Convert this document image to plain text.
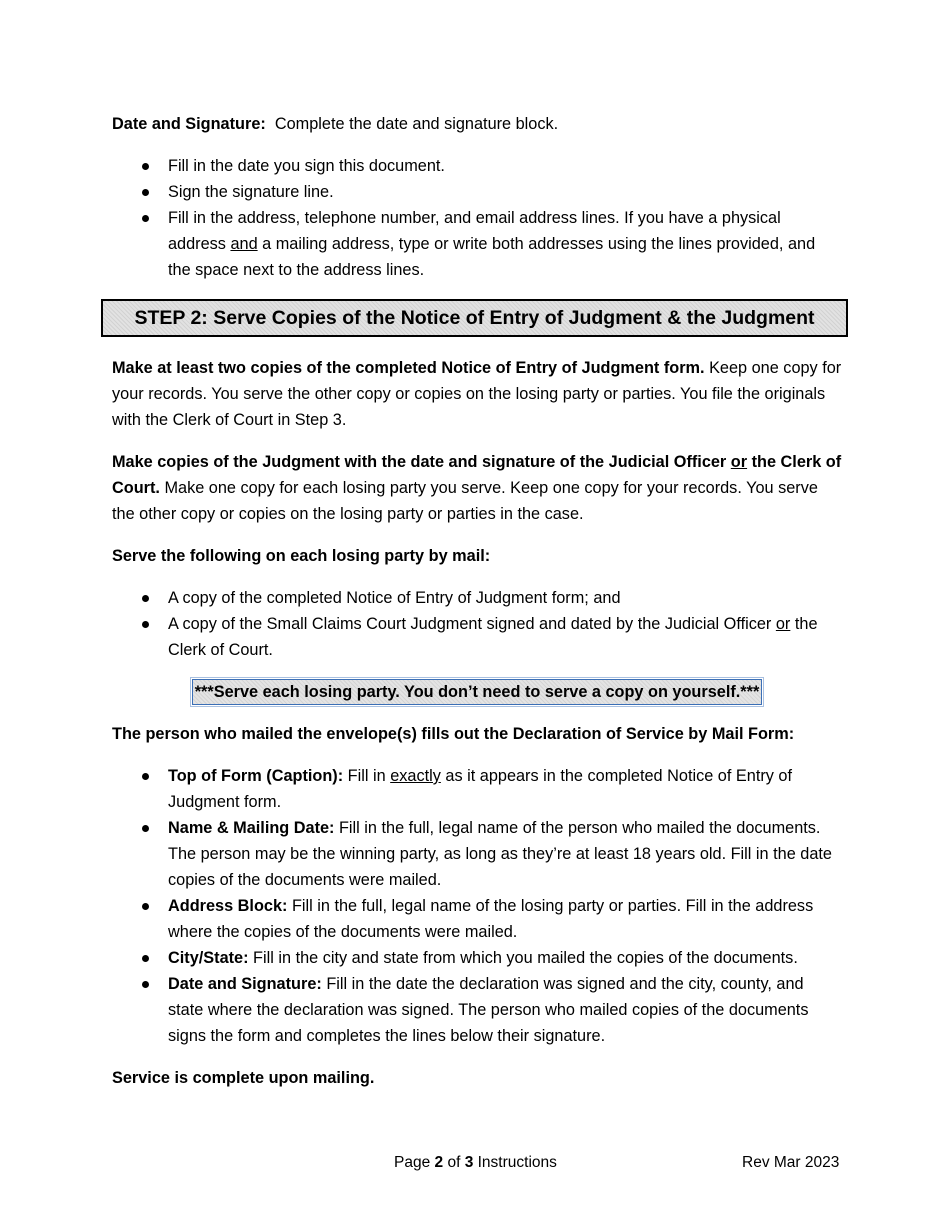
Date and Signature: Complete the date and signature block.

Fill in the date you sign this document.
Sign the signature line.
Fill in the address, telephone number, and email address lines. If you have a physical address and a mailing address, type or write both addresses using the lines provided, and the space next to the address lines.
STEP 2: Serve Copies of the Notice of Entry of Judgment & the Judgment

Make at least two copies of the completed Notice of Entry of Judgment form. Keep one copy for your records. You serve the other copy or copies on the losing party or parties. You file the originals with the Clerk of Court in Step 3.

Make copies of the Judgment with the date and signature of the Judicial Officer or the Clerk of Court. Make one copy for each losing party you serve. Keep one copy for your records. You serve the other copy or copies on the losing party or parties in the case.

Serve the following on each losing party by mail:

A copy of the completed Notice of Entry of Judgment form; and
A copy of the Small Claims Court Judgment signed and dated by the Judicial Officer or the Clerk of Court.
***Serve each losing party. You don’t need to serve a copy on yourself.***

The person who mailed the envelope(s) fills out the Declaration of Service by Mail Form:

Top of Form (Caption): Fill in exactly as it appears in the completed Notice of Entry of Judgment form.
Name & Mailing Date: Fill in the full, legal name of the person who mailed the documents. The person may be the winning party, as long as they’re at least 18 years old. Fill in the date copies of the documents were mailed.
Address Block: Fill in the full, legal name of the losing party or parties. Fill in the address where the copies of the documents were mailed.
City/State: Fill in the city and state from which you mailed the copies of the documents.
Date and Signature: Fill in the date the declaration was signed and the city, county, and state where the declaration was signed. The person who mailed copies of the documents signs the form and completes the lines below their signature.

Service is complete upon mailing.

Page 2 of 3 Instructions	Rev Mar 2023
